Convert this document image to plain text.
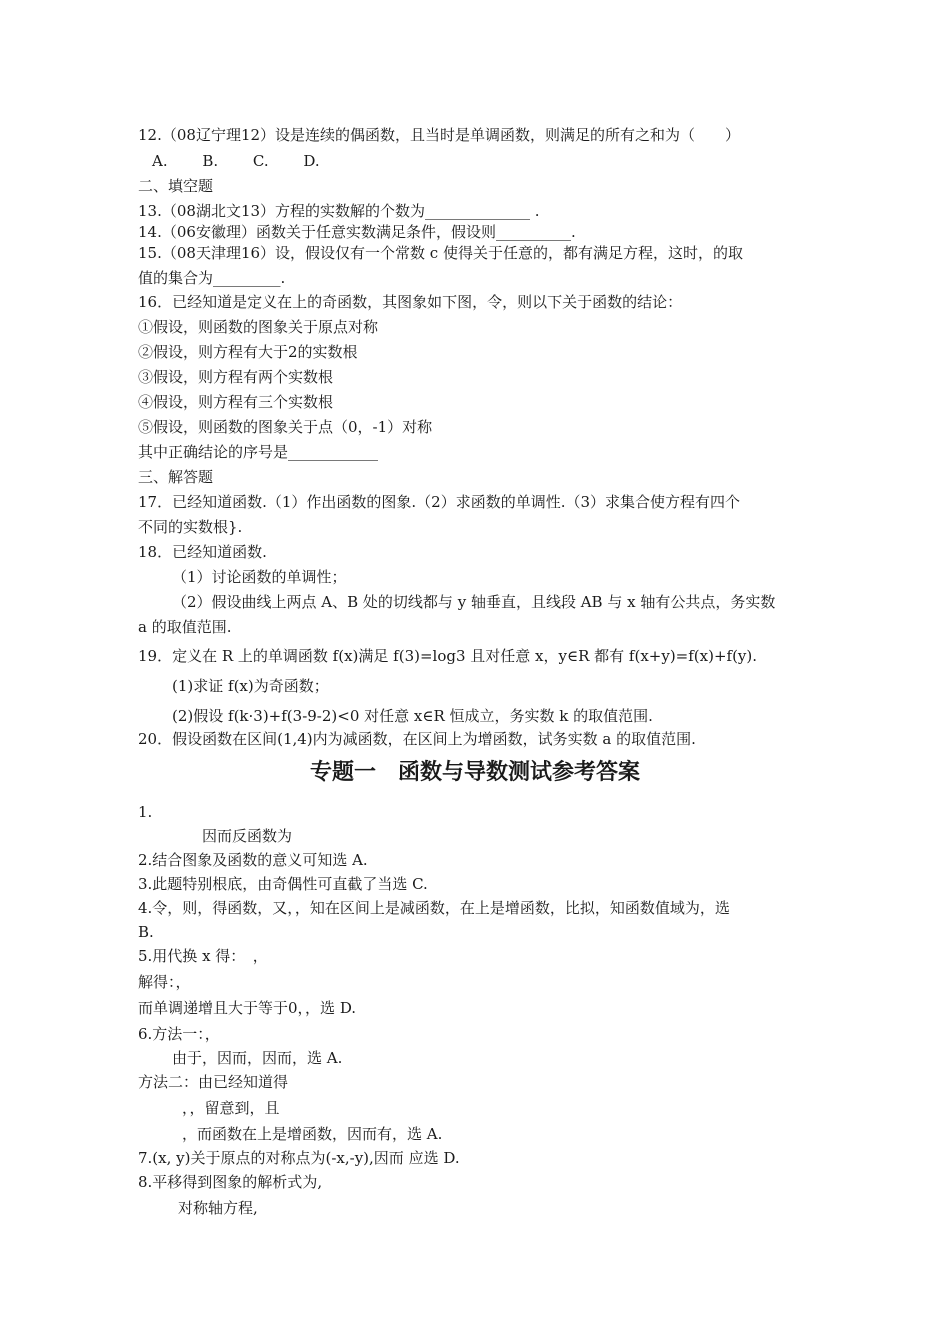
12.（08辽宁理12）设是连续的偶函数，且当时是单调函数，则满足的所有之和为（　　）
A.　　 B.　　 C.　　 D.
二、填空题
13.（08湖北文13）方程的实数解的个数为______________ .
14.（06安徽理）函数关于任意实数满足条件，假设则__________.
15.（08天津理16）设，假设仅有一个常数 c 使得关于任意的，都有满足方程，这时，的取
值的集合为_________.
16．已经知道是定义在上的奇函数，其图象如下图，令，则以下关于函数的结论：
①假设，则函数的图象关于原点对称
②假设，则方程有大于2的实数根
③假设，则方程有两个实数根
④假设，则方程有三个实数根
⑤假设，则函数的图象关于点（0，-1）对称
其中正确结论的序号是____________
三、解答题
17．已经知道函数.（1）作出函数的图象.（2）求函数的单调性.（3）求集合使方程有四个
不同的实数根}.
18．已经知道函数.
（1）讨论函数的单调性；
（2）假设曲线上两点 A、B 处的切线都与 y 轴垂直，且线段 AB 与 x 轴有公共点，务实数
a 的取值范围.
19．定义在 R 上的单调函数 f(x)满足 f(3)=log3 且对任意 x，y∈R 都有 f(x+y)=f(x)+f(y).
(1)求证 f(x)为奇函数；
(2)假设 f(k·3)+f(3-9-2)<0 对任意 x∈R 恒成立，务实数 k 的取值范围.
20．假设函数在区间(1,4)内为减函数，在区间上为增函数，试务实数 a 的取值范围.
专题一　函数与导数测试参考答案
1.
因而反函数为
2.结合图象及函数的意义可知选 A.
3.此题特别根底，由奇偶性可直截了当选 C.
4.令，则，得函数，又，，知在区间上是减函数，在上是增函数，比拟，知函数值域为，选
B.
5.用代换 x 得：　，
解得：，
而单调递增且大于等于0，，选 D.
6.方法一：，
由于，因而，因而，选 A.
方法二：由已经知道得
，，留意到，且
，而函数在上是增函数，因而有，选 A.
7.(x, y)关于原点的对称点为(-x,-y),因而 应选 D.
8.平移得到图象的解析式为,
对称轴方程,
